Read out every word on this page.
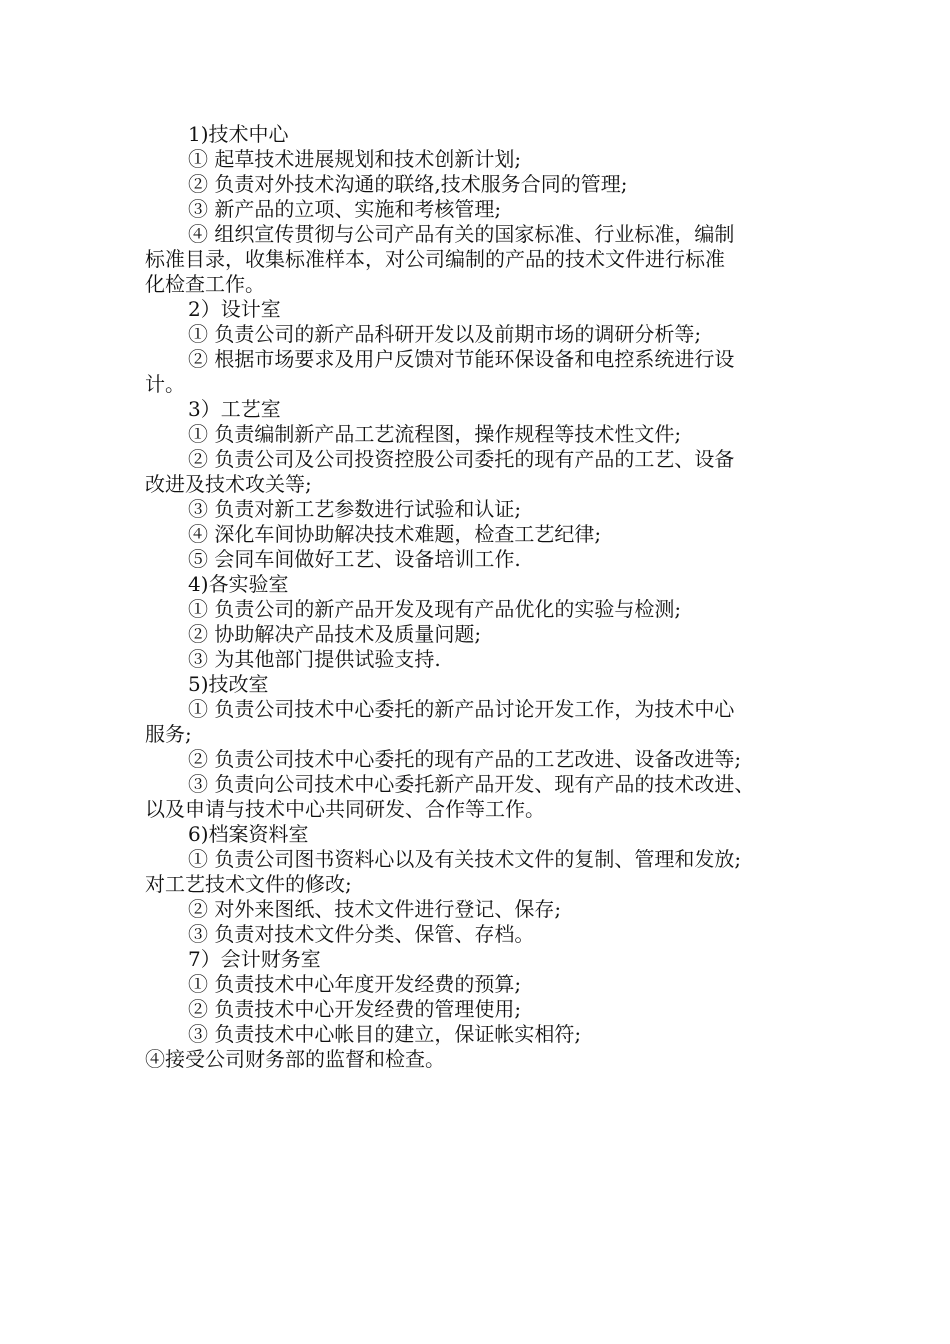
1)技术中心
① 起草技术进展规划和技术创新计划;
② 负责对外技术沟通的联络,技术服务合同的管理;
③ 新产品的立项、实施和考核管理;
④ 组织宣传贯彻与公司产品有关的国家标准、行业标准，编制
标准目录，收集标准样本，对公司编制的产品的技术文件进行标准
化检查工作。
2）设计室
① 负责公司的新产品科研开发以及前期市场的调研分析等;
② 根据市场要求及用户反馈对节能环保设备和电控系统进行设
计。
3）工艺室
① 负责编制新产品工艺流程图，操作规程等技术性文件;
② 负责公司及公司投资控股公司委托的现有产品的工艺、设备
改进及技术攻关等;
③ 负责对新工艺参数进行试验和认证;
④ 深化车间协助解决技术难题，检查工艺纪律;
⑤ 会同车间做好工艺、设备培训工作.
4)各实验室
① 负责公司的新产品开发及现有产品优化的实验与检测;
② 协助解决产品技术及质量问题;
③ 为其他部门提供试验支持.
5)技改室
① 负责公司技术中心委托的新产品讨论开发工作，为技术中心
服务;
② 负责公司技术中心委托的现有产品的工艺改进、设备改进等;
③ 负责向公司技术中心委托新产品开发、现有产品的技术改进、
以及申请与技术中心共同研发、合作等工作。
6)档案资料室
① 负责公司图书资料心以及有关技术文件的复制、管理和发放;
对工艺技术文件的修改;
② 对外来图纸、技术文件进行登记、保存;
③ 负责对技术文件分类、保管、存档。
7）会计财务室
① 负责技术中心年度开发经费的预算;
② 负责技术中心开发经费的管理使用;
③ 负责技术中心帐目的建立，保证帐实相符;
④接受公司财务部的监督和检查。
